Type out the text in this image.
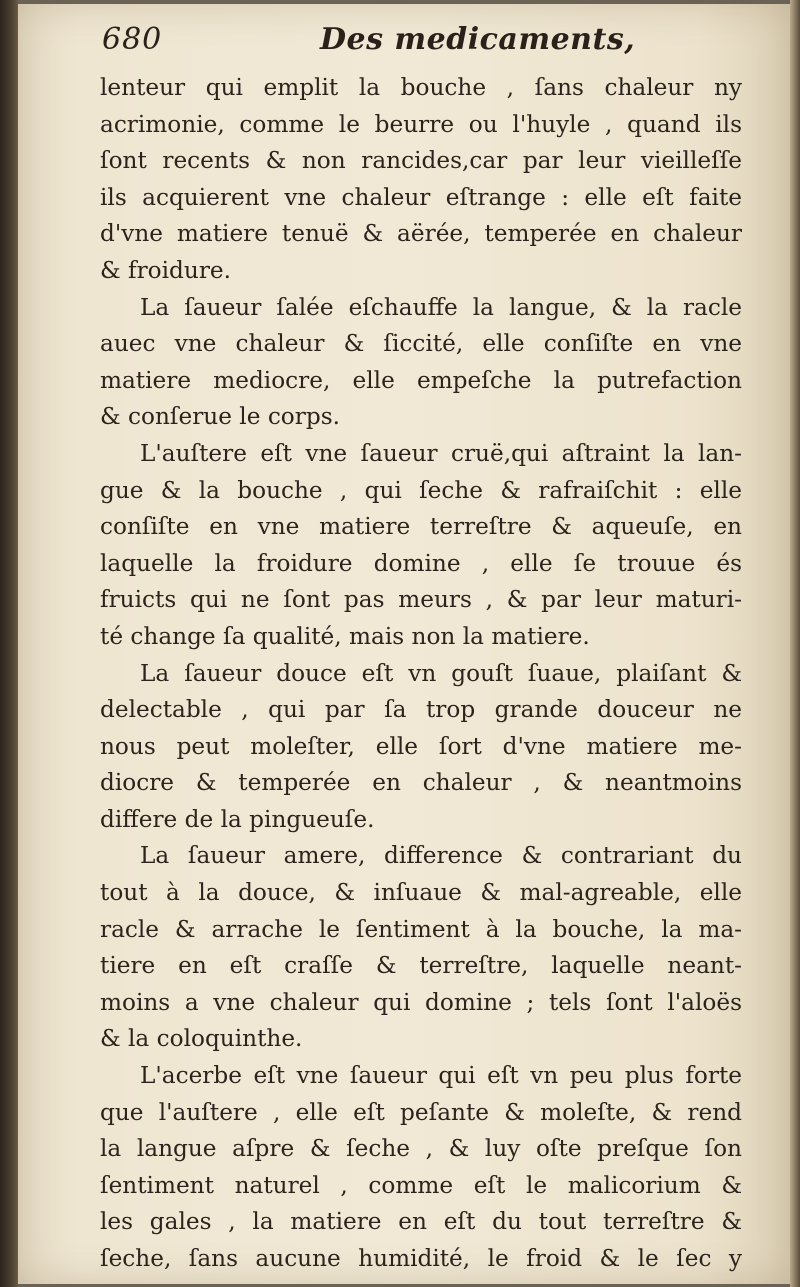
680	Des medicaments,
lenteur qui emplit la bouche , ſans chaleur ny
acrimonie, comme le beurre ou l'huyle , quand ils
ſont recents & non rancides,car par leur vieilleſſe
ils acquierent vne chaleur eſtrange : elle eſt faite
d'vne matiere tenuë & aërée, temperée en chaleur
& froidure.
La ſaueur ſalée eſchauffe la langue, & la racle
auec vne chaleur & ſiccité, elle conſiſte en vne
matiere mediocre, elle empeſche la putrefaction
& conſerue le corps.
L'auſtere eſt vne ſaueur cruë,qui aſtraint la lan-
gue & la bouche , qui ſeche & rafraiſchit : elle
conſiſte en vne matiere terreſtre & aqueuſe, en
laquelle la froidure domine , elle ſe trouue és
fruicts qui ne ſont pas meurs , & par leur maturi-
té change ſa qualité, mais non la matiere.
La ſaueur douce eſt vn gouſt ſuaue, plaiſant &
delectable , qui par ſa trop grande douceur ne
nous peut moleſter, elle ſort d'vne matiere me-
diocre & temperée en chaleur , & neantmoins
differe de la pingueuſe.
La ſaueur amere, difference & contrariant du
tout à la douce, & inſuaue & mal-agreable, elle
racle & arrache le ſentiment à la bouche, la ma-
tiere en eſt craſſe & terreſtre, laquelle neant-
moins a vne chaleur qui domine ; tels ſont l'aloës
& la coloquinthe.
L'acerbe eſt vne ſaueur qui eſt vn peu plus forte
que l'auſtere , elle eſt peſante & moleſte, & rend
la langue aſpre & ſeche , & luy oſte preſque ſon
ſentiment naturel , comme eſt le malicorium &
les gales , la matiere en eſt du tout terreſtre &
ſeche, ſans aucune humidité, le froid & le ſec y
